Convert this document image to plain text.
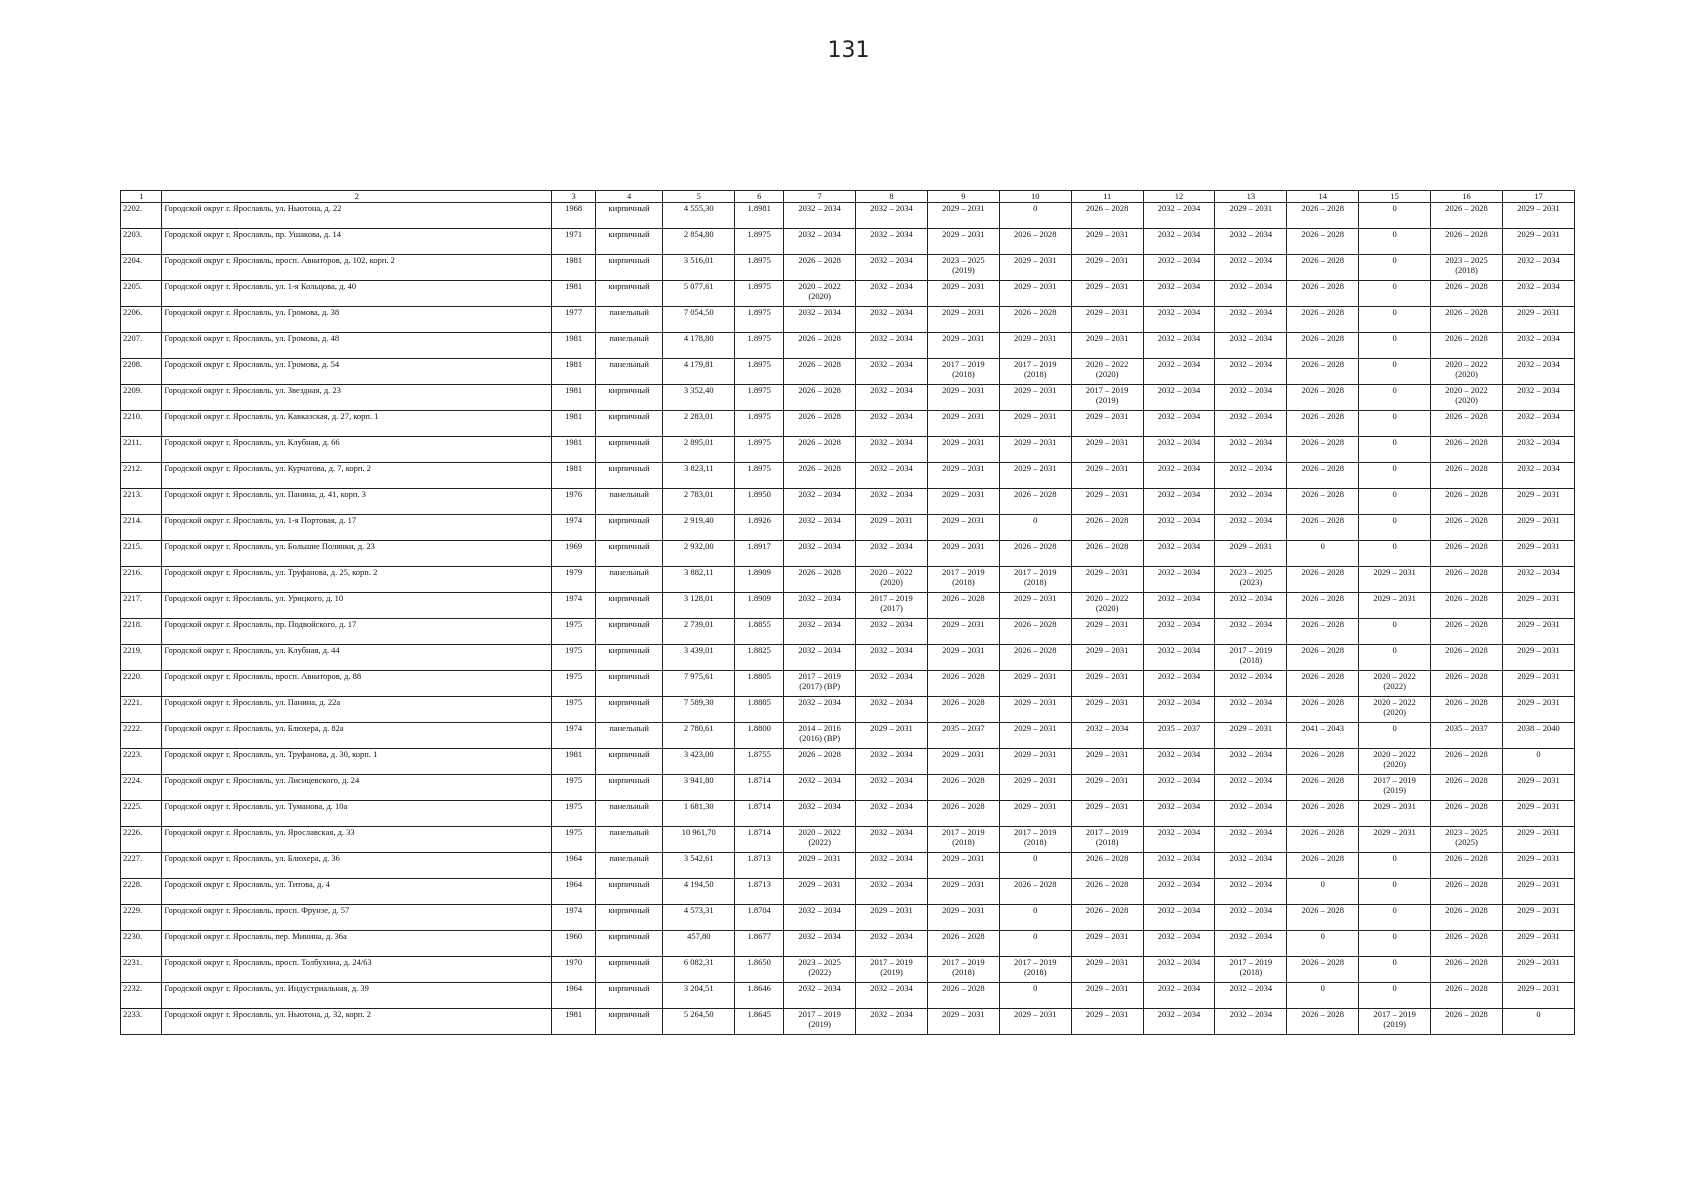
131
1	2	3	4	5	6	7	8	9	10	11	12	13	14	15	16	17
2202.	Городской округ г. Ярославль, ул. Ньютона, д. 22	1968	кирпичный	4 555,30	1.8981	2032 – 2034	2032 – 2034	2029 – 2031	0	2026 – 2028	2032 – 2034	2029 – 2031	2026 – 2028	0	2026 – 2028	2029 – 2031
2203.	Городской округ г. Ярославль, пр. Ушакова, д. 14	1971	кирпичный	2 854,80	1.8975	2032 – 2034	2032 – 2034	2029 – 2031	2026 – 2028	2029 – 2031	2032 – 2034	2032 – 2034	2026 – 2028	0	2026 – 2028	2029 – 2031
2204.	Городской округ г. Ярославль, просп. Авиаторов, д. 102, корп. 2	1981	кирпичный	3 516,01	1.8975	2026 – 2028	2032 – 2034	2023 – 2025 (2019)	2029 – 2031	2029 – 2031	2032 – 2034	2032 – 2034	2026 – 2028	0	2023 – 2025 (2018)	2032 – 2034
2205.	Городской округ г. Ярославль, ул. 1-я Кольцова, д. 40	1981	кирпичный	5 077,61	1.8975	2020 – 2022 (2020)	2032 – 2034	2029 – 2031	2029 – 2031	2029 – 2031	2032 – 2034	2032 – 2034	2026 – 2028	0	2026 – 2028	2032 – 2034
2206.	Городской округ г. Ярославль, ул. Громова, д. 38	1977	панельный	7 054,50	1.8975	2032 – 2034	2032 – 2034	2029 – 2031	2026 – 2028	2029 – 2031	2032 – 2034	2032 – 2034	2026 – 2028	0	2026 – 2028	2029 – 2031
2207.	Городской округ г. Ярославль, ул. Громова, д. 48	1981	панельный	4 178,80	1.8975	2026 – 2028	2032 – 2034	2029 – 2031	2029 – 2031	2029 – 2031	2032 – 2034	2032 – 2034	2026 – 2028	0	2026 – 2028	2032 – 2034
2208.	Городской округ г. Ярославль, ул. Громова, д. 54	1981	панельный	4 179,81	1.8975	2026 – 2028	2032 – 2034	2017 – 2019 (2018)	2017 – 2019 (2018)	2020 – 2022 (2020)	2032 – 2034	2032 – 2034	2026 – 2028	0	2020 – 2022 (2020)	2032 – 2034
2209.	Городской округ г. Ярославль, ул. Звездная, д. 23	1981	кирпичный	3 352,40	1.8975	2026 – 2028	2032 – 2034	2029 – 2031	2029 – 2031	2017 – 2019 (2019)	2032 – 2034	2032 – 2034	2026 – 2028	0	2020 – 2022 (2020)	2032 – 2034
2210.	Городской округ г. Ярославль, ул. Кавказская, д. 27, корп. 1	1981	кирпичный	2 283,01	1.8975	2026 – 2028	2032 – 2034	2029 – 2031	2029 – 2031	2029 – 2031	2032 – 2034	2032 – 2034	2026 – 2028	0	2026 – 2028	2032 – 2034
2211.	Городской округ г. Ярославль, ул. Клубная, д. 66	1981	кирпичный	2 895,01	1.8975	2026 – 2028	2032 – 2034	2029 – 2031	2029 – 2031	2029 – 2031	2032 – 2034	2032 – 2034	2026 – 2028	0	2026 – 2028	2032 – 2034
2212.	Городской округ г. Ярославль, ул. Курчатова, д. 7, корп. 2	1981	кирпичный	3 823,11	1.8975	2026 – 2028	2032 – 2034	2029 – 2031	2029 – 2031	2029 – 2031	2032 – 2034	2032 – 2034	2026 – 2028	0	2026 – 2028	2032 – 2034
2213.	Городской округ г. Ярославль, ул. Панина, д. 41, корп. 3	1976	панельный	2 783,01	1.8950	2032 – 2034	2032 – 2034	2029 – 2031	2026 – 2028	2029 – 2031	2032 – 2034	2032 – 2034	2026 – 2028	0	2026 – 2028	2029 – 2031
2214.	Городской округ г. Ярославль, ул. 1-я Портовая, д. 17	1974	кирпичный	2 919,40	1.8926	2032 – 2034	2029 – 2031	2029 – 2031	0	2026 – 2028	2032 – 2034	2032 – 2034	2026 – 2028	0	2026 – 2028	2029 – 2031
2215.	Городской округ г. Ярославль, ул. Большие Полянки, д. 23	1969	кирпичный	2 932,00	1.8917	2032 – 2034	2032 – 2034	2029 – 2031	2026 – 2028	2026 – 2028	2032 – 2034	2029 – 2031	0	0	2026 – 2028	2029 – 2031
2216.	Городской округ г. Ярославль, ул. Труфанова, д. 25, корп. 2	1979	панельный	3 882,11	1.8909	2026 – 2028	2020 – 2022 (2020)	2017 – 2019 (2018)	2017 – 2019 (2018)	2029 – 2031	2032 – 2034	2023 – 2025 (2023)	2026 – 2028	2029 – 2031	2026 – 2028	2032 – 2034
2217.	Городской округ г. Ярославль, ул. Урицкого, д. 10	1974	кирпичный	3 128,01	1.8909	2032 – 2034	2017 – 2019 (2017)	2026 – 2028	2029 – 2031	2020 – 2022 (2020)	2032 – 2034	2032 – 2034	2026 – 2028	2029 – 2031	2026 – 2028	2029 – 2031
2218.	Городской округ г. Ярославль, пр. Подвойского, д. 17	1975	кирпичный	2 739,01	1.8855	2032 – 2034	2032 – 2034	2029 – 2031	2026 – 2028	2029 – 2031	2032 – 2034	2032 – 2034	2026 – 2028	0	2026 – 2028	2029 – 2031
2219.	Городской округ г. Ярославль, ул. Клубная, д. 44	1975	кирпичный	3 439,01	1.8825	2032 – 2034	2032 – 2034	2029 – 2031	2026 – 2028	2029 – 2031	2032 – 2034	2017 – 2019 (2018)	2026 – 2028	0	2026 – 2028	2029 – 2031
2220.	Городской округ г. Ярославль, просп. Авиаторов, д. 88	1975	кирпичный	7 975,61	1.8805	2017 – 2019 (2017) (ВР)	2032 – 2034	2026 – 2028	2029 – 2031	2029 – 2031	2032 – 2034	2032 – 2034	2026 – 2028	2020 – 2022 (2022)	2026 – 2028	2029 – 2031
2221.	Городской округ г. Ярославль, ул. Панина, д. 22а	1975	кирпичный	7 589,30	1.8805	2032 – 2034	2032 – 2034	2026 – 2028	2029 – 2031	2029 – 2031	2032 – 2034	2032 – 2034	2026 – 2028	2020 – 2022 (2020)	2026 – 2028	2029 – 2031
2222.	Городской округ г. Ярославль, ул. Блюхера, д. 82а	1974	панельный	2 780,61	1.8800	2014 – 2016 (2016) (ВР)	2029 – 2031	2035 – 2037	2029 – 2031	2032 – 2034	2035 – 2037	2029 – 2031	2041 – 2043	0	2035 – 2037	2038 – 2040
2223.	Городской округ г. Ярославль, ул. Труфанова, д. 30, корп. 1	1981	кирпичный	3 423,00	1.8755	2026 – 2028	2032 – 2034	2029 – 2031	2029 – 2031	2029 – 2031	2032 – 2034	2032 – 2034	2026 – 2028	2020 – 2022 (2020)	2026 – 2028	0
2224.	Городской округ г. Ярославль, ул. Лисицевского, д. 24	1975	кирпичный	3 941,80	1.8714	2032 – 2034	2032 – 2034	2026 – 2028	2029 – 2031	2029 – 2031	2032 – 2034	2032 – 2034	2026 – 2028	2017 – 2019 (2019)	2026 – 2028	2029 – 2031
2225.	Городской округ г. Ярославль, ул. Туманова, д. 10а	1975	панельный	1 681,30	1.8714	2032 – 2034	2032 – 2034	2026 – 2028	2029 – 2031	2029 – 2031	2032 – 2034	2032 – 2034	2026 – 2028	2029 – 2031	2026 – 2028	2029 – 2031
2226.	Городской округ г. Ярославль, ул. Ярославская, д. 33	1975	панельный	10 961,70	1.8714	2020 – 2022 (2022)	2032 – 2034	2017 – 2019 (2018)	2017 – 2019 (2018)	2017 – 2019 (2018)	2032 – 2034	2032 – 2034	2026 – 2028	2029 – 2031	2023 – 2025 (2025)	2029 – 2031
2227.	Городской округ г. Ярославль, ул. Блюхера, д. 36	1964	панельный	3 542,61	1.8713	2029 – 2031	2032 – 2034	2029 – 2031	0	2026 – 2028	2032 – 2034	2032 – 2034	2026 – 2028	0	2026 – 2028	2029 – 2031
2228.	Городской округ г. Ярославль, ул. Титова, д. 4	1964	кирпичный	4 194,50	1.8713	2029 – 2031	2032 – 2034	2029 – 2031	2026 – 2028	2026 – 2028	2032 – 2034	2032 – 2034	0	0	2026 – 2028	2029 – 2031
2229.	Городской округ г. Ярославль, просп. Фрунзе, д. 57	1974	кирпичный	4 573,31	1.8704	2032 – 2034	2029 – 2031	2029 – 2031	0	2026 – 2028	2032 – 2034	2032 – 2034	2026 – 2028	0	2026 – 2028	2029 – 2031
2230.	Городской округ г. Ярославль, пер. Минина, д. 36а	1960	кирпичный	457,80	1.8677	2032 – 2034	2032 – 2034	2026 – 2028	0	2029 – 2031	2032 – 2034	2032 – 2034	0	0	2026 – 2028	2029 – 2031
2231.	Городской округ г. Ярославль, просп. Толбухина, д. 24/63	1970	кирпичный	6 082,31	1.8650	2023 – 2025 (2022)	2017 – 2019 (2019)	2017 – 2019 (2018)	2017 – 2019 (2018)	2029 – 2031	2032 – 2034	2017 – 2019 (2018)	2026 – 2028	0	2026 – 2028	2029 – 2031
2232.	Городской округ г. Ярославль, ул. Индустриальная, д. 39	1964	кирпичный	3 204,51	1.8646	2032 – 2034	2032 – 2034	2026 – 2028	0	2029 – 2031	2032 – 2034	2032 – 2034	0	0	2026 – 2028	2029 – 2031
2233.	Городской округ г. Ярославль, ул. Ньютона, д. 32, корп. 2	1981	кирпичный	5 264,50	1.8645	2017 – 2019 (2019)	2032 – 2034	2029 – 2031	2029 – 2031	2029 – 2031	2032 – 2034	2032 – 2034	2026 – 2028	2017 – 2019 (2019)	2026 – 2028	0
